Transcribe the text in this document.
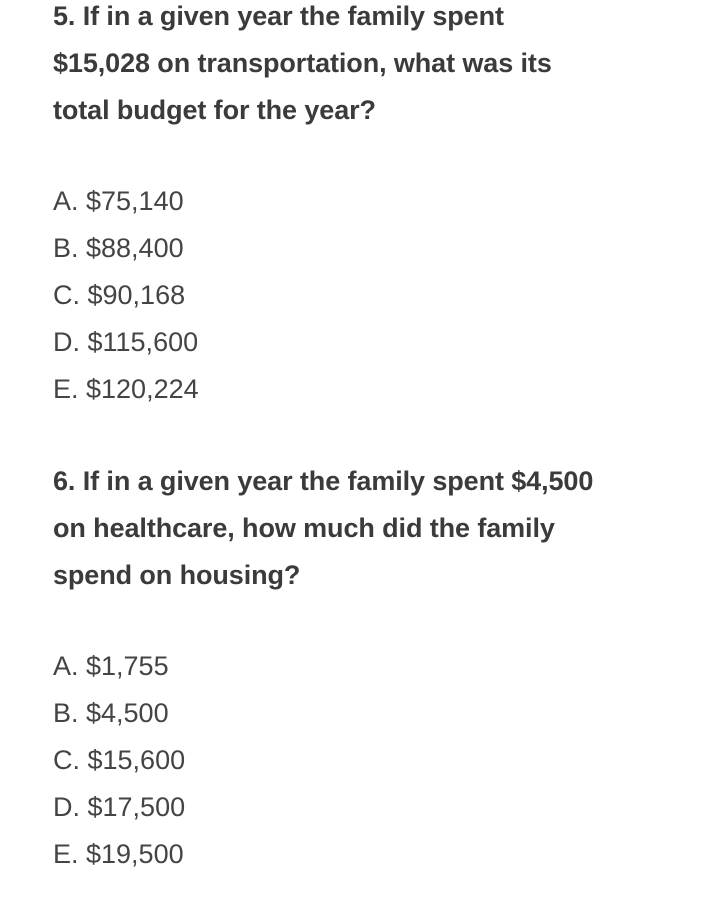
5. If in a given year the family spent
$15,028 on transportation, what was its
total budget for the year?

A. $75,140
B. $88,400
C. $90,168
D. $115,600
E. $120,224

6. If in a given year the family spent $4,500
on healthcare, how much did the family
spend on housing?

A. $1,755
B. $4,500
C. $15,600
D. $17,500
E. $19,500
